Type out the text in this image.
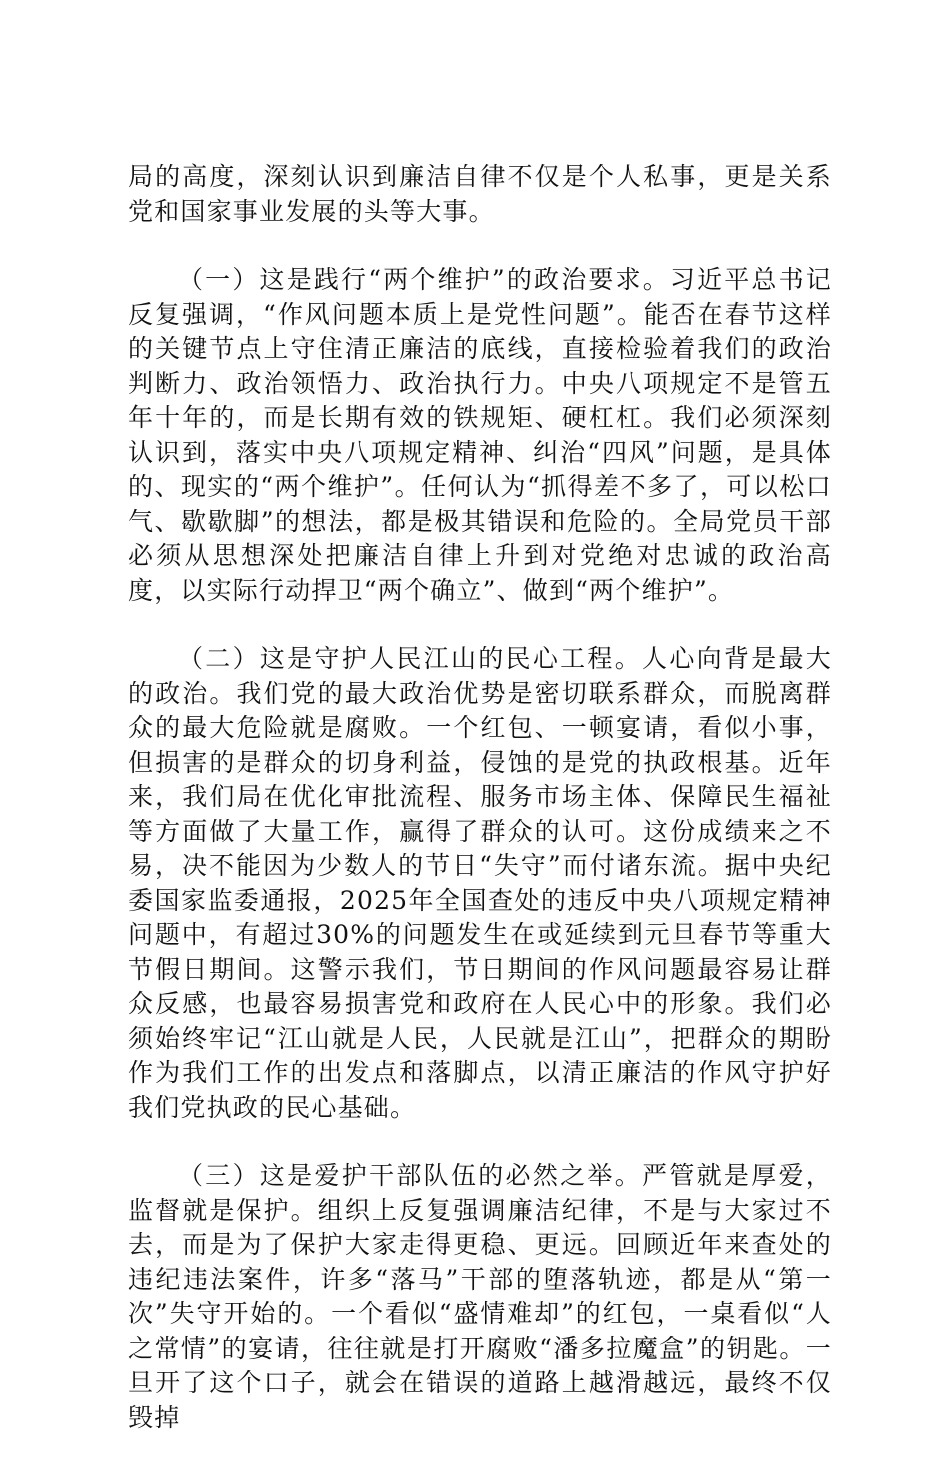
局的高度，深刻认识到廉洁自律不仅是个人私事，更是关系党和国家事业发展的头等大事。

（一）这是践行“两个维护”的政治要求。习近平总书记反复强调，“作风问题本质上是党性问题”。能否在春节这样的关键节点上守住清正廉洁的底线，直接检验着我们的政治判断力、政治领悟力、政治执行力。中央八项规定不是管五年十年的，而是长期有效的铁规矩、硬杠杠。我们必须深刻认识到，落实中央八项规定精神、纠治“四风”问题，是具体的、现实的“两个维护”。任何认为“抓得差不多了，可以松口气、歇歇脚”的想法，都是极其错误和危险的。全局党员干部必须从思想深处把廉洁自律上升到对党绝对忠诚的政治高度，以实际行动捍卫“两个确立”、做到“两个维护”。

（二）这是守护人民江山的民心工程。人心向背是最大的政治。我们党的最大政治优势是密切联系群众，而脱离群众的最大危险就是腐败。一个红包、一顿宴请，看似小事，但损害的是群众的切身利益，侵蚀的是党的执政根基。近年来，我们局在优化审批流程、服务市场主体、保障民生福祉等方面做了大量工作，赢得了群众的认可。这份成绩来之不易，决不能因为少数人的节日“失守”而付诸东流。据中央纪委国家监委通报，2025年全国查处的违反中央八项规定精神问题中，有超过30%的问题发生在或延续到元旦春节等重大节假日期间。这警示我们，节日期间的作风问题最容易让群众反感，也最容易损害党和政府在人民心中的形象。我们必须始终牢记“江山就是人民，人民就是江山”，把群众的期盼作为我们工作的出发点和落脚点，以清正廉洁的作风守护好我们党执政的民心基础。

（三）这是爱护干部队伍的必然之举。严管就是厚爱，监督就是保护。组织上反复强调廉洁纪律，不是与大家过不去，而是为了保护大家走得更稳、更远。回顾近年来查处的违纪违法案件，许多“落马”干部的堕落轨迹，都是从“第一次”失守开始的。一个看似“盛情难却”的红包，一桌看似“人之常情”的宴请，往往就是打开腐败“潘多拉魔盒”的钥匙。一旦开了这个口子，就会在错误的道路上越滑越远，最终不仅毁掉
